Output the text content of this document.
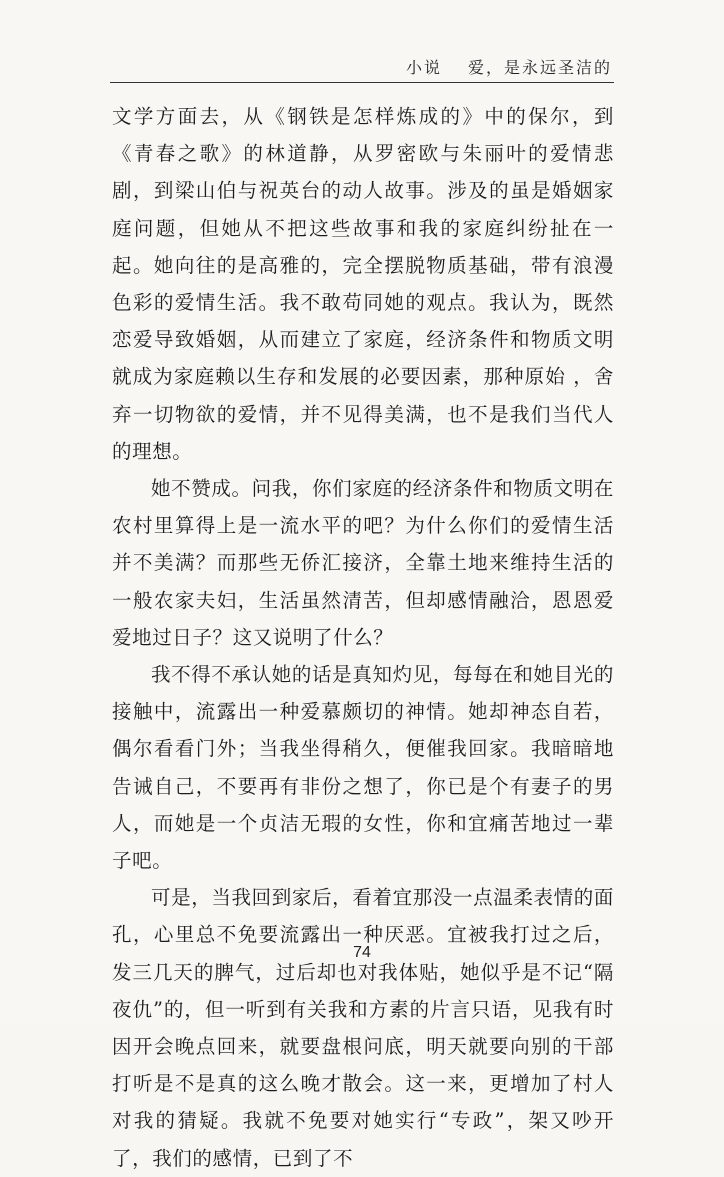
小说 爱，是永远圣洁的

文学方面去，从《钢铁是怎样炼成的》中的保尔，到《青春之歌》的林道静，从罗密欧与朱丽叶的爱情悲剧，到梁山伯与祝英台的动人故事。涉及的虽是婚姻家庭问题，但她从不把这些故事和我的家庭纠纷扯在一起。她向往的是高雅的，完全摆脱物质基础，带有浪漫色彩的爱情生活。我不敢苟同她的观点。我认为，既然恋爱导致婚姻，从而建立了家庭，经济条件和物质文明就成为家庭赖以生存和发展的必要因素，那种原始 ，舍弃一切物欲的爱情，并不见得美满，也不是我们当代人的理想。

她不赞成。问我，你们家庭的经济条件和物质文明在农村里算得上是一流水平的吧？为什么你们的爱情生活并不美满？而那些无侨汇接济，全靠土地来维持生活的一般农家夫妇，生活虽然清苦，但却感情融洽，恩恩爱爱地过日子？这又说明了什么？

我不得不承认她的话是真知灼见，每每在和她目光的接触中，流露出一种爱慕颇切的神情。她却神态自若，偶尔看看门外；当我坐得稍久，便催我回家。我暗暗地告诫自己，不要再有非份之想了，你已是个有妻子的男人，而她是一个贞洁无瑕的女性，你和宜痛苦地过一辈子吧。

可是，当我回到家后，看着宜那没一点温柔表情的面孔，心里总不免要流露出一种厌恶。宜被我打过之后，发三几天的脾气，过后却也对我体贴，她似乎是不记“隔夜仇”的，但一听到有关我和方素的片言只语，见我有时因开会晚点回来，就要盘根问底，明天就要向别的干部打听是不是真的这么晚才散会。这一来，更增加了村人对我的猜疑。我就不免要对她实行“专政”，架又吵开了，我们的感情，已到了不

74
